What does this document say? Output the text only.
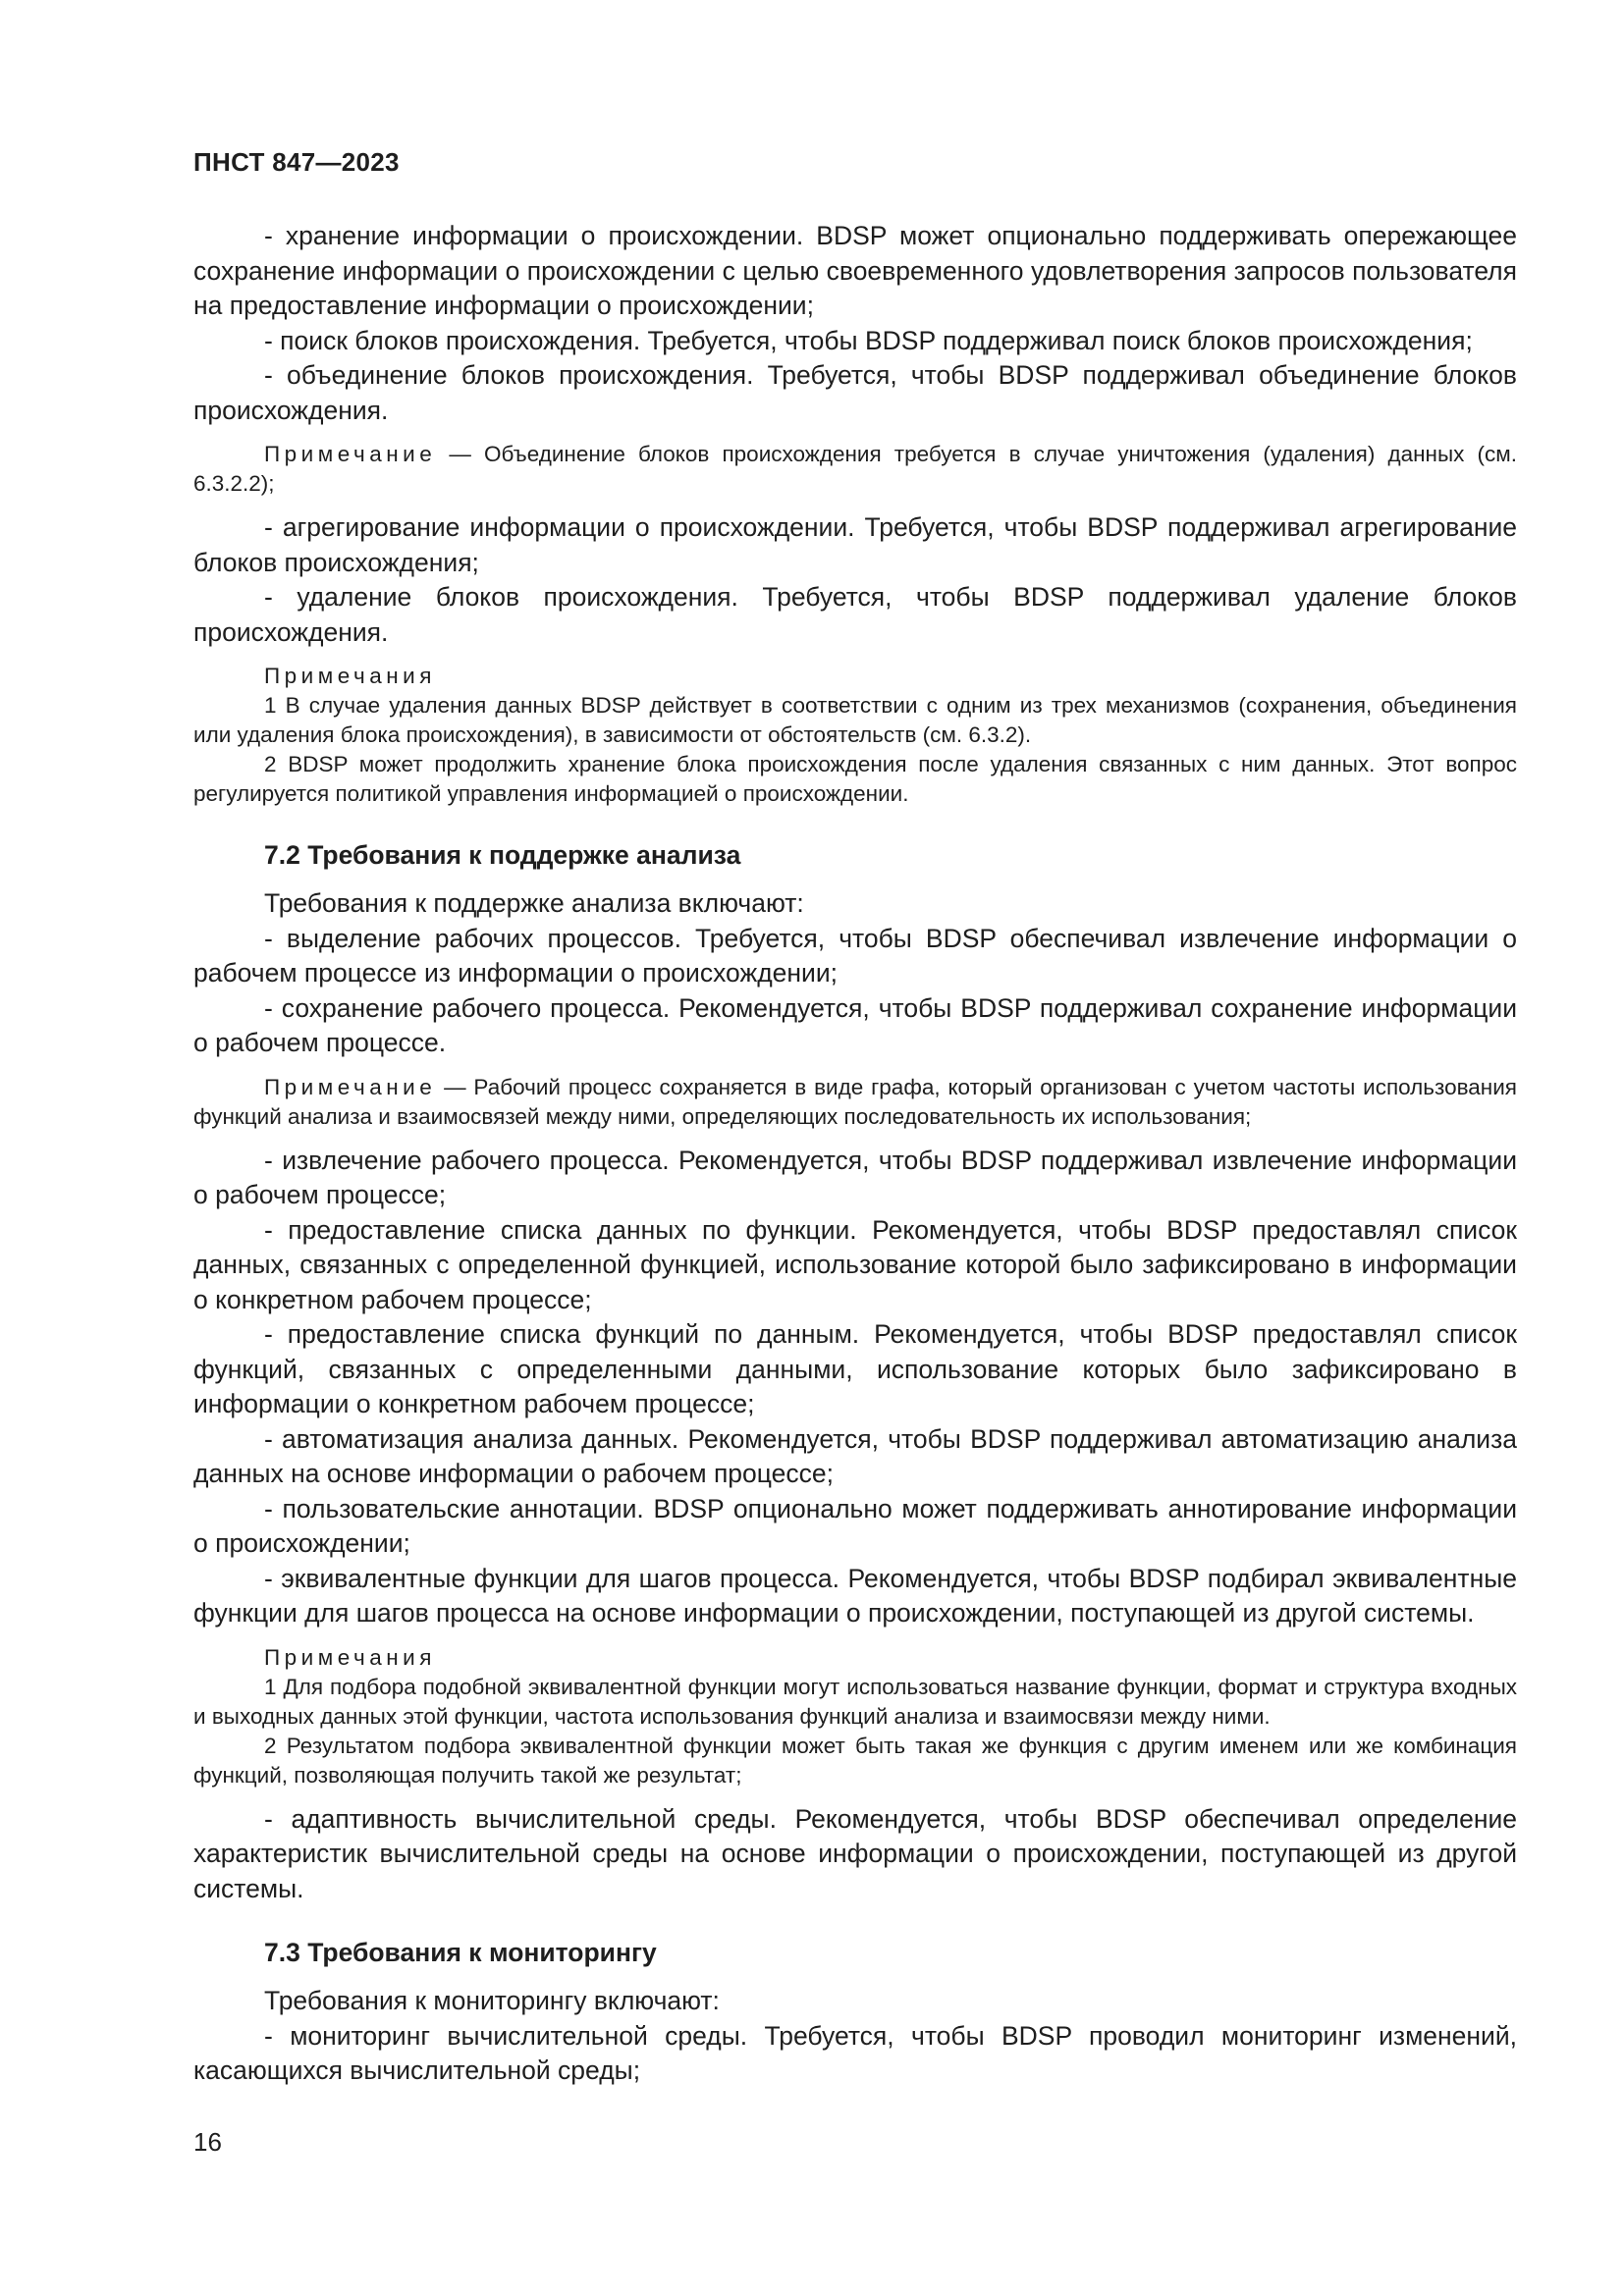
ПНСТ 847—2023

- хранение информации о происхождении. BDSP может опционально поддерживать опережающее сохранение информации о происхождении с целью своевременного удовлетворения запросов пользователя на предоставление информации о происхождении;

- поиск блоков происхождения. Требуется, чтобы BDSP поддерживал поиск блоков происхождения;

- объединение блоков происхождения. Требуется, чтобы BDSP поддерживал объединение блоков происхождения.

Примечание — Объединение блоков происхождения требуется в случае уничтожения (удаления) данных (см. 6.3.2.2);

- агрегирование информации о происхождении. Требуется, чтобы BDSP поддерживал агрегирование блоков происхождения;

- удаление блоков происхождения. Требуется, чтобы BDSP поддерживал удаление блоков происхождения.

Примечания

1 В случае удаления данных BDSP действует в соответствии с одним из трех механизмов (сохранения, объединения или удаления блока происхождения), в зависимости от обстоятельств (см. 6.3.2).

2 BDSP может продолжить хранение блока происхождения после удаления связанных с ним данных. Этот вопрос регулируется политикой управления информацией о происхождении.

7.2 Требования к поддержке анализа

Требования к поддержке анализа включают:

- выделение рабочих процессов. Требуется, чтобы BDSP обеспечивал извлечение информации о рабочем процессе из информации о происхождении;

- сохранение рабочего процесса. Рекомендуется, чтобы BDSP поддерживал сохранение информации о рабочем процессе.

Примечание — Рабочий процесс сохраняется в виде графа, который организован с учетом частоты использования функций анализа и взаимосвязей между ними, определяющих последовательность их использования;

- извлечение рабочего процесса. Рекомендуется, чтобы BDSP поддерживал извлечение информации о рабочем процессе;

- предоставление списка данных по функции. Рекомендуется, чтобы BDSP предоставлял список данных, связанных с определенной функцией, использование которой было зафиксировано в информации о конкретном рабочем процессе;

- предоставление списка функций по данным. Рекомендуется, чтобы BDSP предоставлял список функций, связанных с определенными данными, использование которых было зафиксировано в информации о конкретном рабочем процессе;

- автоматизация анализа данных. Рекомендуется, чтобы BDSP поддерживал автоматизацию анализа данных на основе информации о рабочем процессе;

- пользовательские аннотации. BDSP опционально может поддерживать аннотирование информации о происхождении;

- эквивалентные функции для шагов процесса. Рекомендуется, чтобы BDSP подбирал эквивалентные функции для шагов процесса на основе информации о происхождении, поступающей из другой системы.

Примечания

1 Для подбора подобной эквивалентной функции могут использоваться название функции, формат и структура входных и выходных данных этой функции, частота использования функций анализа и взаимосвязи между ними.

2 Результатом подбора эквивалентной функции может быть такая же функция с другим именем или же комбинация функций, позволяющая получить такой же результат;

- адаптивность вычислительной среды. Рекомендуется, чтобы BDSP обеспечивал определение характеристик вычислительной среды на основе информации о происхождении, поступающей из другой системы.

7.3 Требования к мониторингу

Требования к мониторингу включают:

- мониторинг вычислительной среды. Требуется, чтобы BDSP проводил мониторинг изменений, касающихся вычислительной среды;

16
